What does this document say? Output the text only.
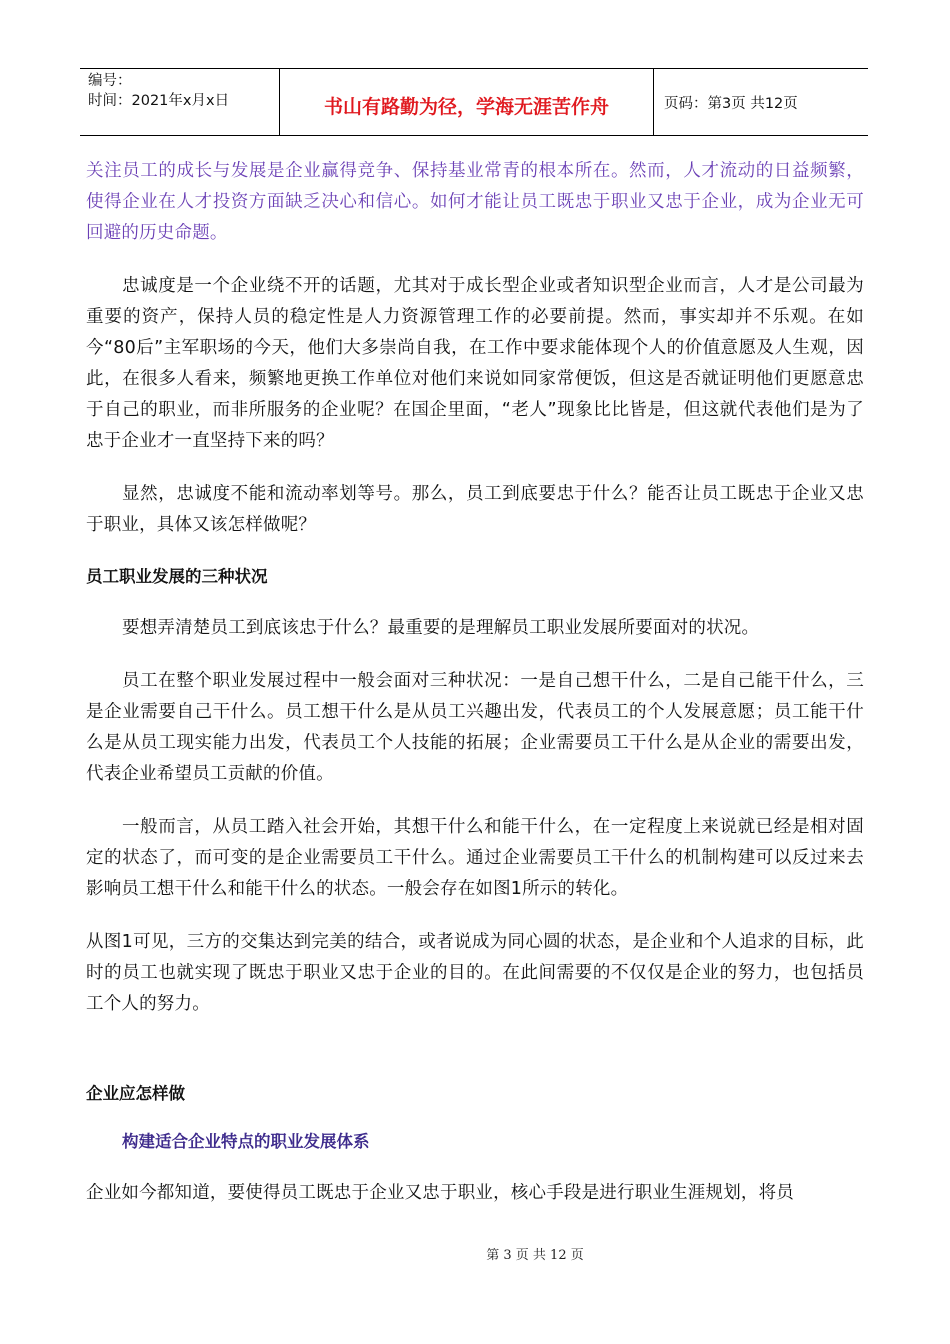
编号：
时间：2021年x月x日	书山有路勤为径，学海无涯苦作舟	页码：第3页 共12页

关注员工的成长与发展是企业赢得竞争、保持基业常青的根本所在。然而，人才流动的日益频繁，使得企业在人才投资方面缺乏决心和信心。如何才能让员工既忠于职业又忠于企业，成为企业无可回避的历史命题。

忠诚度是一个企业绕不开的话题，尤其对于成长型企业或者知识型企业而言，人才是公司最为重要的资产，保持人员的稳定性是人力资源管理工作的必要前提。然而，事实却并不乐观。在如今“80后”主军职场的今天，他们大多崇尚自我，在工作中要求能体现个人的价值意愿及人生观，因此，在很多人看来，频繁地更换工作单位对他们来说如同家常便饭，但这是否就证明他们更愿意忠于自己的职业，而非所服务的企业呢？在国企里面，“老人”现象比比皆是，但这就代表他们是为了忠于企业才一直坚持下来的吗？

显然，忠诚度不能和流动率划等号。那么，员工到底要忠于什么？能否让员工既忠于企业又忠于职业，具体又该怎样做呢？

员工职业发展的三种状况

要想弄清楚员工到底该忠于什么？最重要的是理解员工职业发展所要面对的状况。

员工在整个职业发展过程中一般会面对三种状况：一是自己想干什么，二是自己能干什么，三是企业需要自己干什么。员工想干什么是从员工兴趣出发，代表员工的个人发展意愿；员工能干什么是从员工现实能力出发，代表员工个人技能的拓展；企业需要员工干什么是从企业的需要出发，代表企业希望员工贡献的价值。

一般而言，从员工踏入社会开始，其想干什么和能干什么，在一定程度上来说就已经是相对固定的状态了，而可变的是企业需要员工干什么。通过企业需要员工干什么的机制构建可以反过来去影响员工想干什么和能干什么的状态。一般会存在如图1所示的转化。

从图1可见，三方的交集达到完美的结合，或者说成为同心圆的状态，是企业和个人追求的目标，此时的员工也就实现了既忠于职业又忠于企业的目的。在此间需要的不仅仅是企业的努力，也包括员工个人的努力。

企业应怎样做

构建适合企业特点的职业发展体系

企业如今都知道，要使得员工既忠于企业又忠于职业，核心手段是进行职业生涯规划，将员

第 3 页 共 12 页
